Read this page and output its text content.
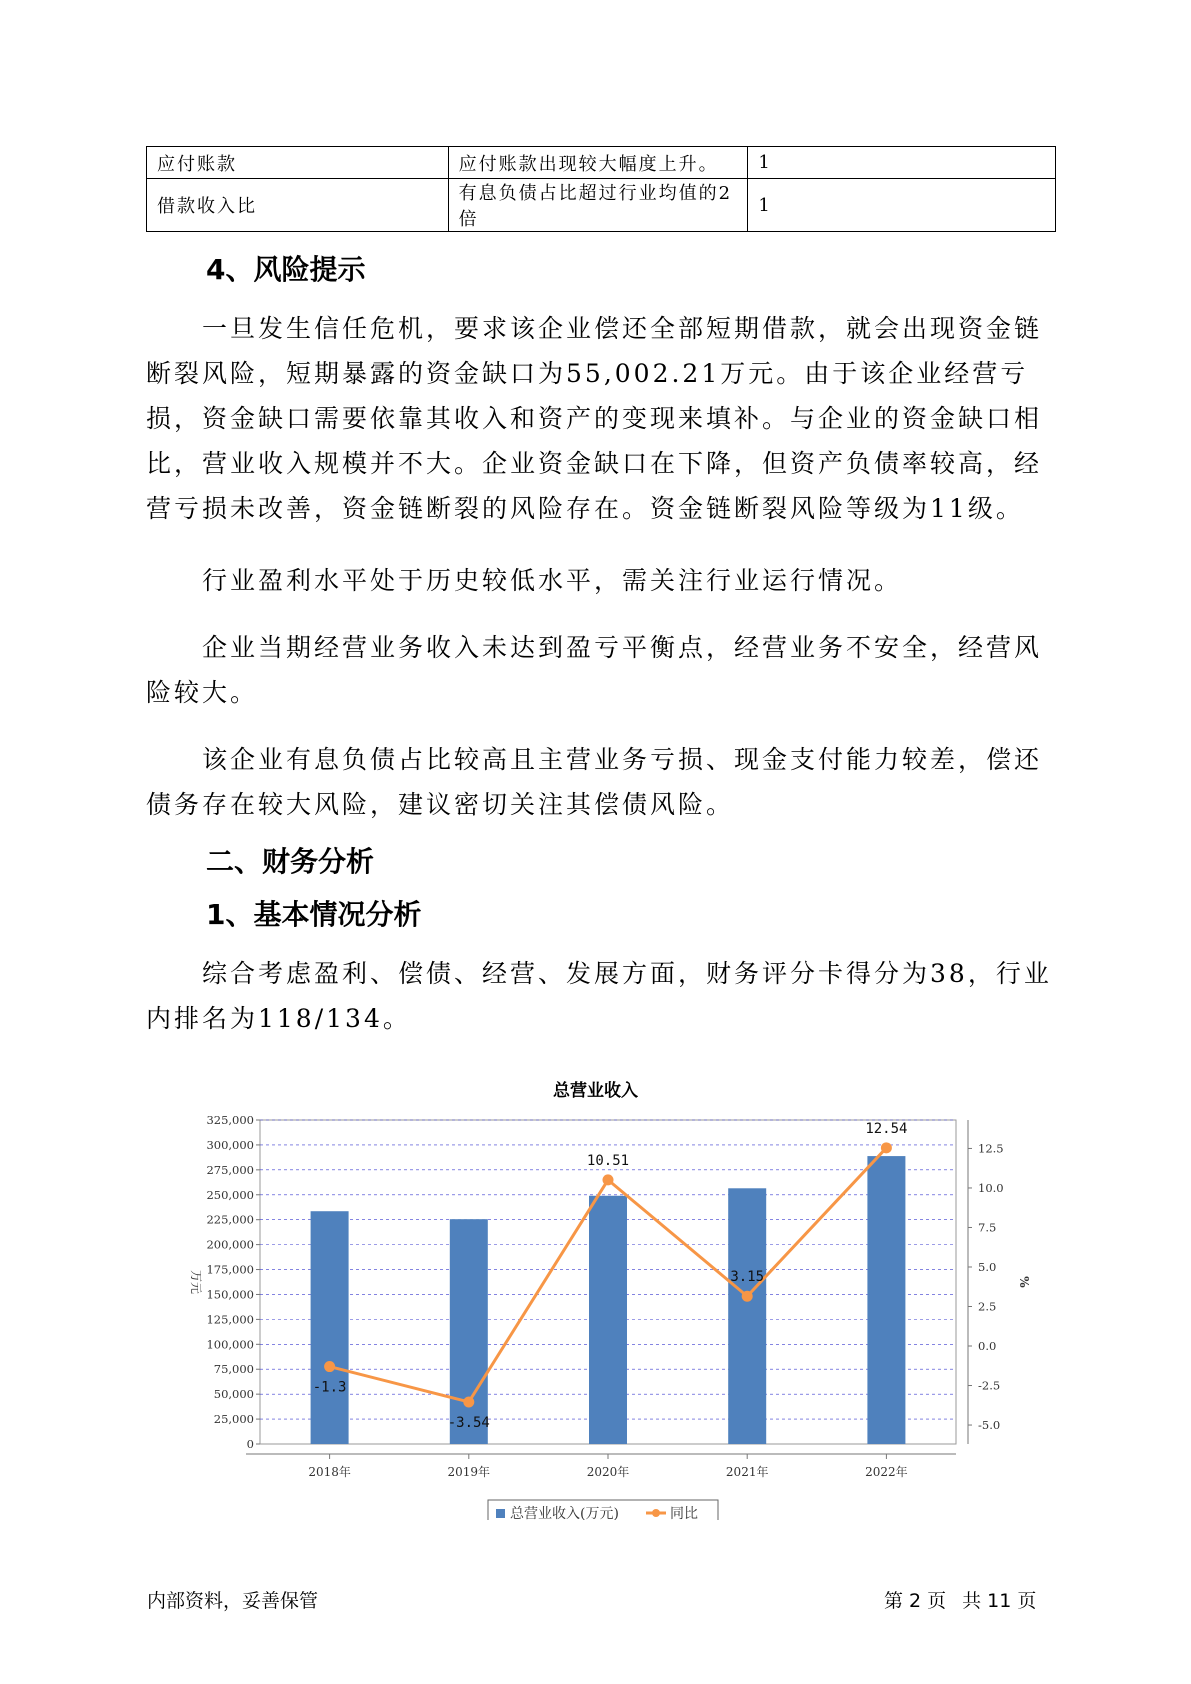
应付账款	应付账款出现较大幅度上升。	1
借款收入比	有息负债占比超过行业均值的2倍	1
4、风险提示

一旦发生信任危机，要求该企业偿还全部短期借款，就会出现资金链断裂风险，短期暴露的资金缺口为55,002.21万元。由于该企业经营亏损，资金缺口需要依靠其收入和资产的变现来填补。与企业的资金缺口相比，营业收入规模并不大。企业资金缺口在下降，但资产负债率较高，经营亏损未改善，资金链断裂的风险存在。资金链断裂风险等级为11级。

行业盈利水平处于历史较低水平，需关注行业运行情况。

企业当期经营业务收入未达到盈亏平衡点，经营业务不安全，经营风险较大。

该企业有息负债占比较高且主营业务亏损、现金支付能力较差，偿还债务存在较大风险，建议密切关注其偿债风险。

二、财务分析
1、基本情况分析

综合考虑盈利、偿债、经营、发展方面，财务评分卡得分为38，行业内排名为118/134。

总营业收入
0
25,000
50,000
75,000
100,000
125,000
150,000
175,000
200,000
225,000
250,000
275,000
300,000
325,000
-5.0
-2.5
0.0
2.5
5.0
7.5
10.0
12.5
万元	%
2018年	2019年	2020年	2021年	2022年
-1.3
-3.54
10.51
3.15
12.54
总营业收入(万元)	同比
内部资料，妥善保管	第 2 页 共 11 页
